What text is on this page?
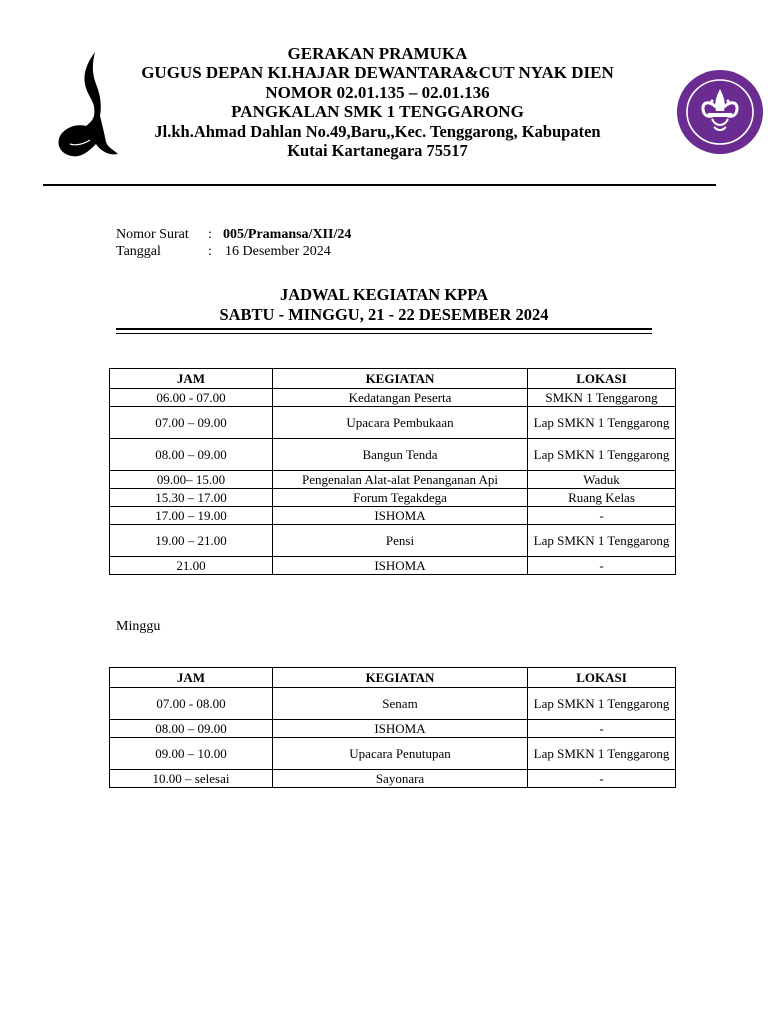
GERAKAN PRAMUKA
GUGUS DEPAN KI.HAJAR DEWANTARA&CUT NYAK DIEN
NOMOR 02.01.135 – 02.01.136
PANGKALAN SMK 1 TENGGARONG
Jl.kh.Ahmad Dahlan No.49,Baru,,Kec. Tenggarong, Kabupaten
Kutai Kartanegara 75517
Nomor Surat	: 005/Pramansa/XII/24
Tanggal	: 16 Desember 2024
JADWAL KEGIATAN KPPA
SABTU - MINGGU, 21 - 22 DESEMBER 2024
JAM	KEGIATAN	LOKASI
06.00 - 07.00	Kedatangan Peserta	SMKN 1 Tenggarong
07.00 – 09.00	Upacara Pembukaan	Lap SMKN 1 Tenggarong
08.00 – 09.00	Bangun Tenda	Lap SMKN 1 Tenggarong
09.00– 15.00	Pengenalan Alat-alat Penanganan Api	Waduk
15.30 – 17.00	Forum Tegakdega	Ruang Kelas
17.00 – 19.00	ISHOMA	-
19.00 – 21.00	Pensi	Lap SMKN 1 Tenggarong
21.00	ISHOMA	-
Minggu
JAM	KEGIATAN	LOKASI
07.00 - 08.00	Senam	Lap SMKN 1 Tenggarong
08.00 – 09.00	ISHOMA	-
09.00 – 10.00	Upacara Penutupan	Lap SMKN 1 Tenggarong
10.00 – selesai	Sayonara	-
